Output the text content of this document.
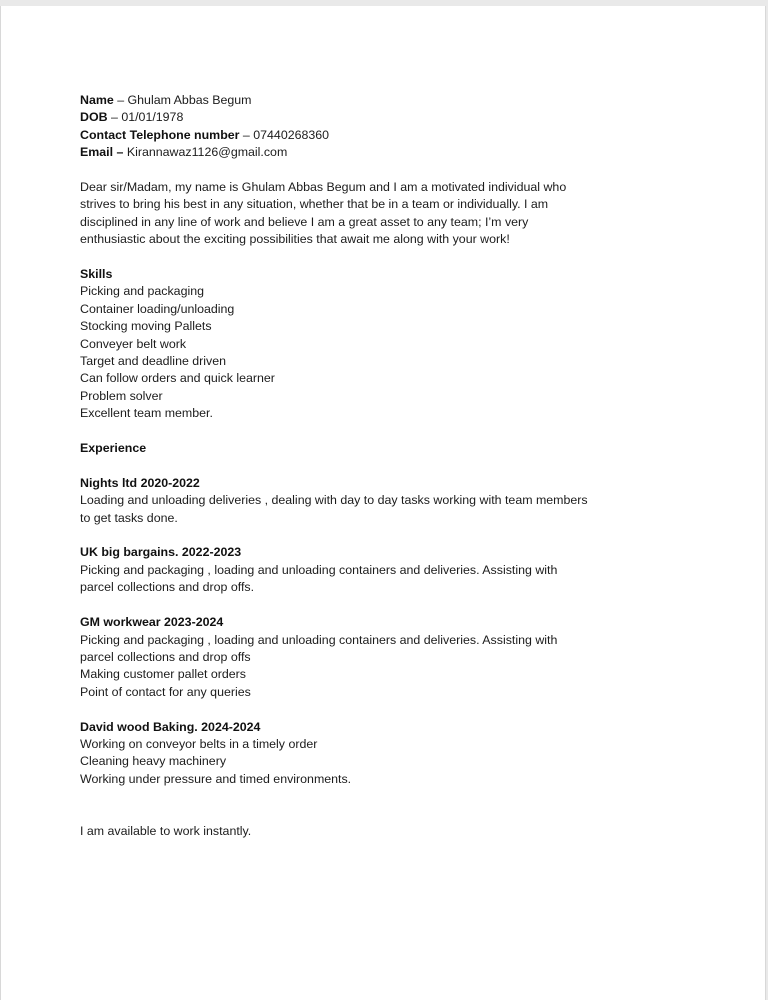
Name – Ghulam Abbas Begum
DOB – 01/01/1978
Contact Telephone number – 07440268360
Email – Kirannawaz1126@gmail.com
Dear sir/Madam, my name is Ghulam Abbas Begum and I am a motivated individual who
strives to bring his best in any situation, whether that be in a team or individually. I am
disciplined in any line of work and believe I am a great asset to any team; I’m very
enthusiastic about the exciting possibilities that await me along with your work!
Skills
Picking and packaging
Container loading/unloading
Stocking moving Pallets
Conveyer belt work
Target and deadline driven
Can follow orders and quick learner
Problem solver
Excellent team member.
Experience
Nights ltd 2020-2022
Loading and unloading deliveries , dealing with day to day tasks working with team members
to get tasks done.
UK big bargains. 2022-2023
Picking and packaging , loading and unloading containers and deliveries. Assisting with
parcel collections and drop offs.
GM workwear 2023-2024
Picking and packaging , loading and unloading containers and deliveries. Assisting with
parcel collections and drop offs
Making customer pallet orders
Point of contact for any queries
David wood Baking. 2024-2024
Working on conveyor belts in a timely order
Cleaning heavy machinery
Working under pressure and timed environments.
I am available to work instantly.
